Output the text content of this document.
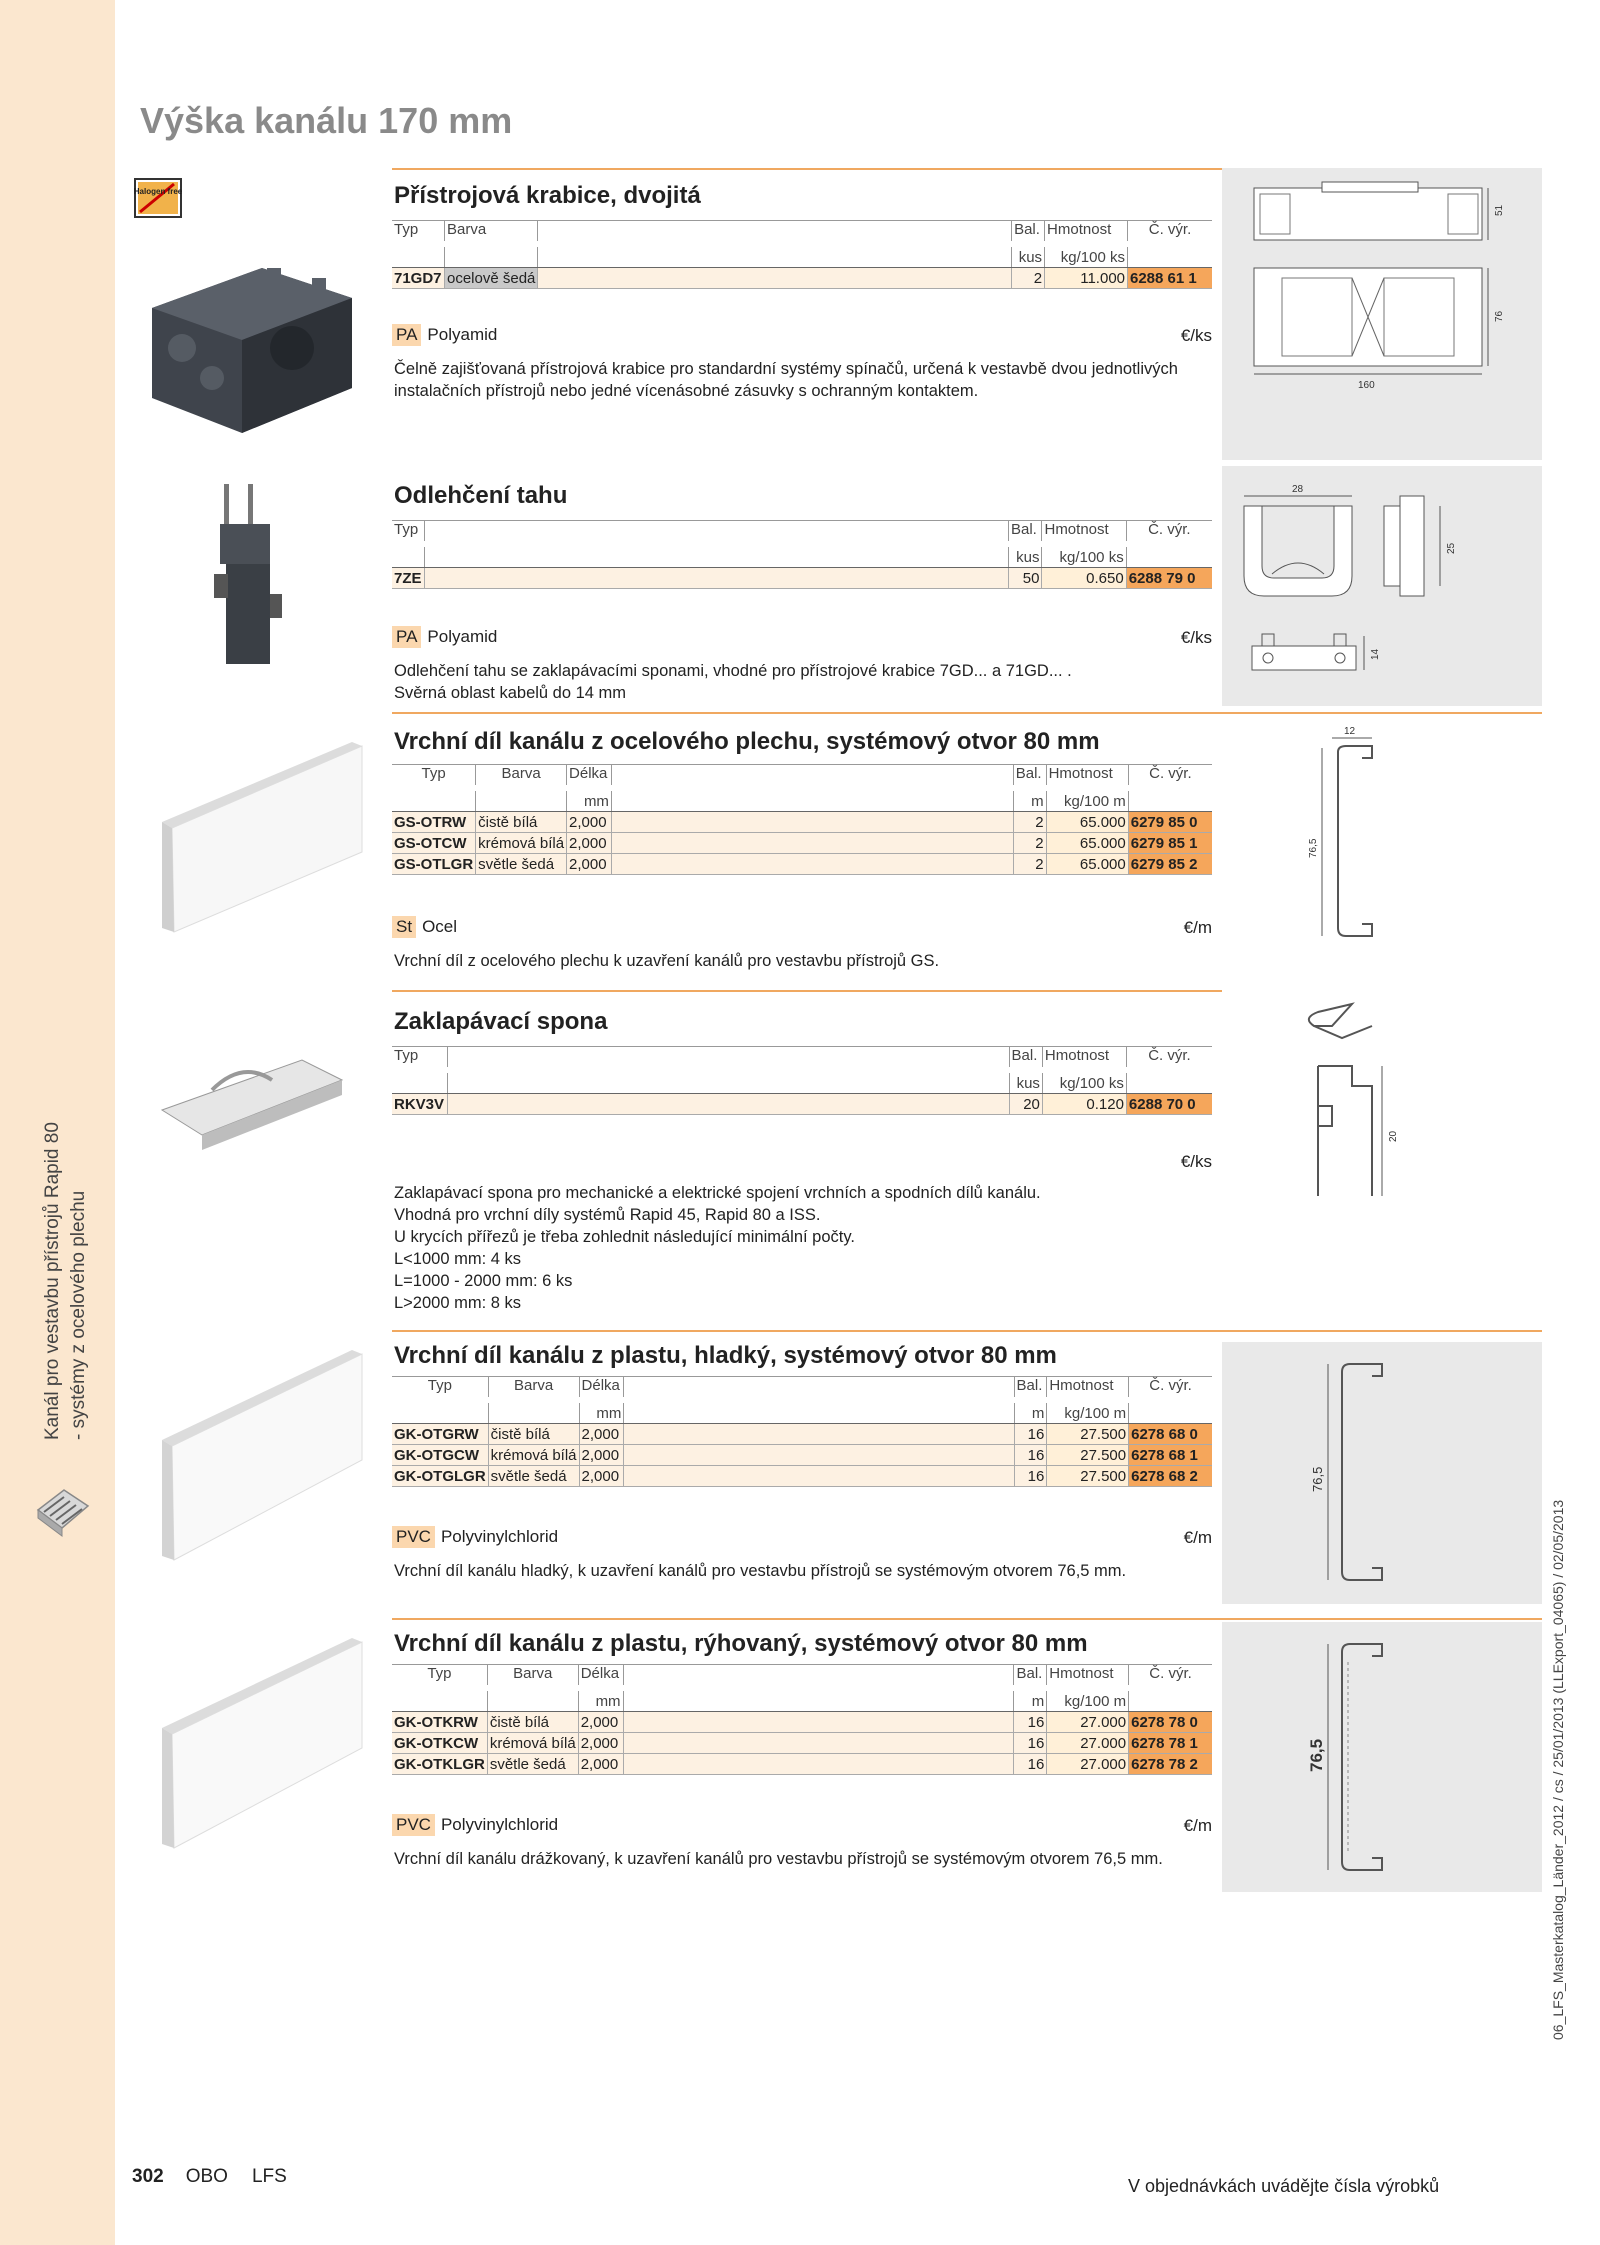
Výška kanálu 170 mm
Kanál pro vestavbu přístrojů Rapid 80 - systémy z ocelového plechu
06_LFS_Masterkatalog_Länder_2012 / cs / 25/01/2013 (LLExport_04065) / 02/05/2013
302 OBO LFS	V objednávkách uvádějte čísla výrobků
Přístrojová krabice, dvojitá
Halogen free
Typ	Barva		Bal.	Hmotnost	Č. výr.

			kus	kg/100 ks	
71GD7	ocelově šedá		2	11.000	6288 61 1
PA Polyamid	€/ks

Čelně zajišťovaná přístrojová krabice pro standardní systémy spínačů, určená k vestavbě dvou jednotlivých instalačních přístrojů nebo jedné vícenásobné zásuvky s ochranným kontaktem.

51
76
160
Odlehčení tahu
Typ		Bal.	Hmotnost	Č. výr.

		kus	kg/100 ks	
7ZE		50	0.650	6288 79 0
PA Polyamid	€/ks

Odlehčení tahu se zaklapávacími sponami, vhodné pro přístrojové krabice 7GD... a 71GD... .

Svěrná oblast kabelů do 14 mm

28
25
14
Vrchní díl kanálu z ocelového plechu, systémový otvor 80 mm
Typ	Barva	Délka		Bal.	Hmotnost	Č. výr.

		mm		m	kg/100 m	
GS-OTRW	čistě bílá	2,000		2	65.000	6279 85 0
GS-OTCW	krémová bílá	2,000		2	65.000	6279 85 1
GS-OTLGR	světle šedá	2,000		2	65.000	6279 85 2
St Ocel	€/m

Vrchní díl z ocelového plechu k uzavření kanálů pro vestavbu přístrojů GS.

12
76,5
Zaklapávací spona
Typ		Bal.	Hmotnost	Č. výr.

		kus	kg/100 ks	
RKV3V		20	0.120	6288 70 0
€/ks

Zaklapávací spona pro mechanické a elektrické spojení vrchních a spodních dílů kanálu.

Vhodná pro vrchní díly systémů Rapid 45, Rapid 80 a ISS.

U krycích přířezů je třeba zohlednit následující minimální počty.

L<1000 mm: 4 ks

L=1000 - 2000 mm: 6 ks

L>2000 mm: 8 ks

20
Vrchní díl kanálu z plastu, hladký, systémový otvor 80 mm
Typ	Barva	Délka		Bal.	Hmotnost	Č. výr.

		mm		m	kg/100 m	
GK-OTGRW	čistě bílá	2,000		16	27.500	6278 68 0
GK-OTGCW	krémová bílá	2,000		16	27.500	6278 68 1
GK-OTGLGR	světle šedá	2,000		16	27.500	6278 68 2
PVC Polyvinylchlorid	€/m

Vrchní díl kanálu hladký, k uzavření kanálů pro vestavbu přístrojů se systémovým otvorem 76,5 mm.

76,5
Vrchní díl kanálu z plastu, rýhovaný, systémový otvor 80 mm
Typ	Barva	Délka		Bal.	Hmotnost	Č. výr.

		mm		m	kg/100 m	
GK-OTKRW	čistě bílá	2,000		16	27.000	6278 78 0
GK-OTKCW	krémová bílá	2,000		16	27.000	6278 78 1
GK-OTKLGR	světle šedá	2,000		16	27.000	6278 78 2
PVC Polyvinylchlorid	€/m

Vrchní díl kanálu drážkovaný, k uzavření kanálů pro vestavbu přístrojů se systémovým otvorem 76,5 mm.

76,5
